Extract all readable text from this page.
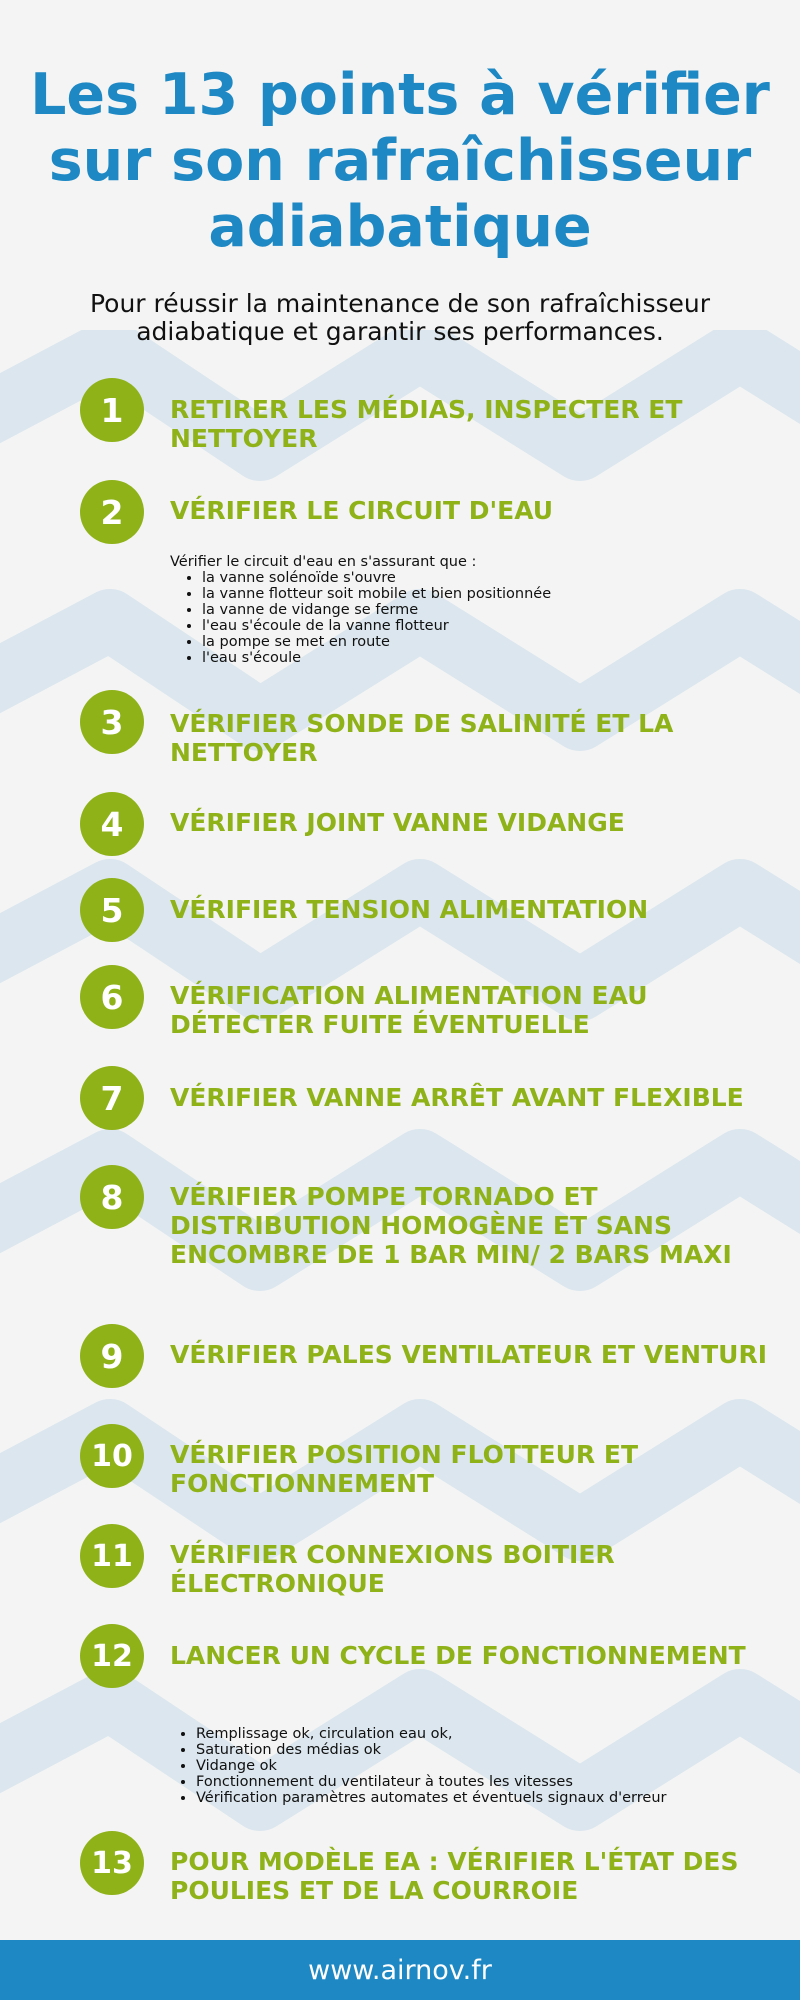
Les 13 points à vérifier
sur son rafraîchisseur
adiabatique

Pour réussir la maintenance de son rafraîchisseur adiabatique et garantir ses performances.

1	RETIRER LES MÉDIAS, INSPECTER ET NETTOYER
2	VÉRIFIER LE CIRCUIT D'EAU

Vérifier le circuit d'eau en s'assurant que :

• la vanne solénoïde s'ouvre
• la vanne flotteur soit mobile et bien positionnée
• la vanne de vidange se ferme
• l'eau s'écoule de la vanne flotteur
• la pompe se met en route
• l'eau s'écoule
3	VÉRIFIER SONDE DE SALINITÉ ET LA NETTOYER
4	VÉRIFIER JOINT VANNE VIDANGE
5	VÉRIFIER TENSION ALIMENTATION
6	VÉRIFICATION ALIMENTATION EAU DÉTECTER FUITE ÉVENTUELLE
7	VÉRIFIER VANNE ARRÊT AVANT FLEXIBLE
8	VÉRIFIER POMPE TORNADO ET DISTRIBUTION HOMOGÈNE ET SANS ENCOMBRE DE 1 BAR MIN/ 2 BARS MAXI
9	VÉRIFIER PALES VENTILATEUR ET VENTURI
10	VÉRIFIER POSITION FLOTTEUR ET FONCTIONNEMENT
11	VÉRIFIER CONNEXIONS BOITIER ÉLECTRONIQUE
12	LANCER UN CYCLE DE FONCTIONNEMENT
• Remplissage ok, circulation eau ok,
• Saturation des médias ok
• Vidange ok
• Fonctionnement du ventilateur à toutes les vitesses
• Vérification paramètres automates et éventuels signaux d'erreur
13	POUR MODÈLE EA : VÉRIFIER L'ÉTAT DES POULIES ET DE LA COURROIE
www.airnov.fr
